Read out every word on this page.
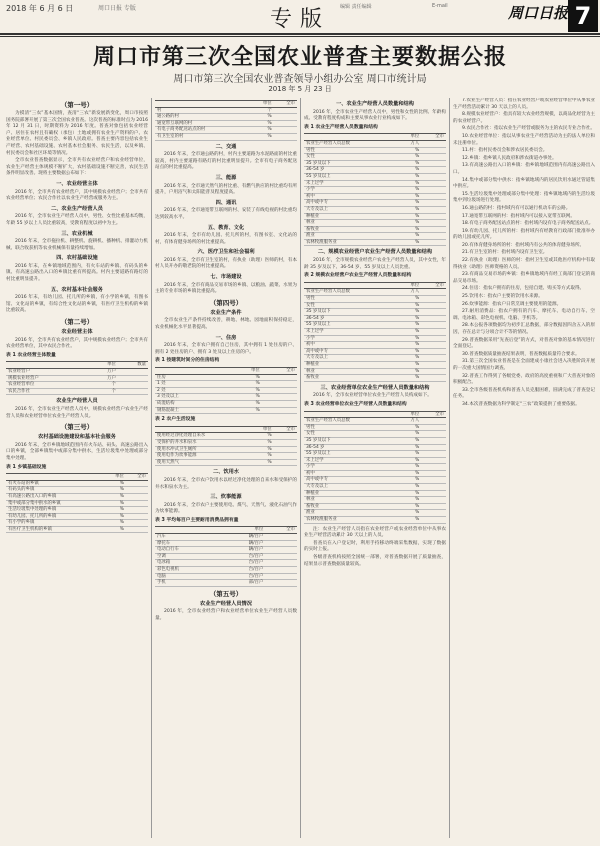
2018 年 6 月 6 日	周口日报 专版	专版 编辑 责任编辑	E-mail	周口日报 7
周口市第三次全国农业普查主要数据公报
周口市第三次全国农业普查领导小组办公室 周口市统计局
2018 年 5 月 23 日
（第一号）

为摸清“三农”基本国情，查清“三农”新发展新变化，周口市按照国务院部署开展了第三次全国农业普查。这次普查的标准时点为 2016 年 12 月 31 日，时期资料为 2016 年度。普查对象包括农业经营户、居住在农村且有确权（承包）土地或拥有农业生产资料的户、农业经营单位、村民委员会、乡镇人民政府。普查主要内容包括农业生产经营、农村基础设施、农村基本社会服务、农民生活，以及乡镇、村民委员会和社区环境等情况。

全市农业普查数据显示，全市共有农业经营户和农业经营单位，农业生产经营主体规模不断扩大，农村基础设施不断完善，农民生活条件明显改善。现将主要数据公布如下：

一、农业经营主体

2016 年，全市共有农业经营户，其中规模农业经营户；全市共有农业经营单位；农民合作社以农业生产经营或服务为主。

二、农业生产经营人员

2016 年，全市农业生产经营人员中，男性、女性比重基本均衡，年龄 55 岁以上人员比重较高，受教育程度以初中为主。

三、农业机械

2016 年末，全市拖拉机、耕整机、旋耕机、播种机、排灌动力机械、联合收获机等农业机械保有量持续增加。

四、农村基础设施

2016 年末，在乡镇地域范围内，有火车站的乡镇、有码头的乡镇、有高速公路出入口的乡镇比重有所提高。村内主要道路有路灯的村比重明显提升。

五、农村基本社会服务

2016 年末，有幼儿园、托儿所的乡镇，有小学的乡镇，有图书馆、文化站的乡镇，有综合性文化站的乡镇，有医疗卫生机构的乡镇比重较高。

（第二号）
农业经营主体

2016 年，全市共有农业经营户，其中规模农业经营户；全市共有农业经营单位，其中农民合作社。

表 1 农业经营主体数量
	单位	数量
农业经营户	万户	
规模农业经营户	万户	
农业经营单位	个	
农民合作社	个	
农业生产经营人员

2016 年，全市农业生产经营人员中，规模农业经营户农业生产经营人员和农业经营单位农业生产经营人员。

（第三号）
农村基础设施建设和基本社会服务

2016 年末，全市乡镇地域范围内有火车站、码头、高速公路出入口的乡镇，全部乡镇集中或部分集中供水，生活垃圾集中处理或部分集中处理。

表 1 乡镇基础设施
	单位	全市
有火车站的乡镇	%	
有码头的乡镇	%	
有高速公路出入口的乡镇	%	
集中或部分集中供水的乡镇	%	
生活垃圾集中处理的乡镇	%	
有幼儿园、托儿所的乡镇	%	
有小学的乡镇	%	
有医疗卫生机构的乡镇	%	
	单位	全市
村	个	
通公路的村	%	
通宽带互联网的村	%	
有电子商务配送站点的村	%	
有卫生室的村	%	
二、交通

2016 年末，全市通公路的村，村内主要道路为水泥路面的村比重较高，村内主要道路有路灯的村比重明显提升。全市有电子商务配送站点的村比重提高。

三、能源

2016 年末，全市通天然气的村比重、有燃气供应的村比重均有所提升，户用沼气和太阳能普及程度提高。

四、通讯

2016 年末，全市通宽带互联网的村、安装了有线电视的村比重均达到较高水平。

五、教育、文化

2016 年末，全市有幼儿园、托儿所的村，有图书室、文化站的村，有体育健身场所的村比重提高。

六、医疗卫生和社会福利

2016 年末，全市有卫生室的村，有执业（助理）医师的村，有本村人员开办的敬老院的村比重提高。

七、市场建设

2016 年末，全市有商品交易市场的乡镇、以粮油、蔬菜、水果为主的专业市场的乡镇比重提高。

（第四号）
农业生产条件

全市农业生产条件持续改善，耕地、林地、园地面积保持稳定，农业机械化水平显著提高。

一、住房

2016 年末，全市农户拥有自己住房，其中拥有 1 处住房的户、拥有 2 处住房的户、拥有 3 处及以上住房的户。

表 1 按建筑时间分的住房结构
	单位	全市
住房	%	
1 处	%	
2 处	%	
3 处及以上	%	
砖混结构	%	
钢筋混凝土	%	
表 2 农户生活设施
	单位	全市
使用经过净化处理自来水	%	
受保护的井水和泉水	%	
使用水冲式卫生厕所	%	
使用电作为炊事能源	%	
使用天然气	%	
二、饮用水

2016 年末，全市农户饮用水以经过净化处理的自来水和受保护的井水和泉水为主。

三、炊事能源

2016 年末，全市农户主要使用电、煤气、天然气、液化石油气作为炊事能源。

表 3 平均每百户主要耐用消费品拥有量
	单位	全市
汽车	辆/百户	
摩托车	辆/百户	
电动自行车	辆/百户	
空调	台/百户	
电冰箱	台/百户	
彩色电视机	台/百户	
电脑	台/百户	
手机	部/百户	
（第五号）
农业生产经营人员情况

2016 年，全市农业经营户和农业经营单位农业生产经营人员数量。

一、农业生产经营人员数量和结构

2016 年，全市农业生产经营人员中，男性和女性的比例、年龄构成、受教育程度构成和主要从事农业行业构成如下。

表 1 农业生产经营人员数量和结构
	单位	全市
农业生产经营人员总数	万人	
男性	%	
女性	%	
35 岁及以下	%	
36-54 岁	%	
55 岁及以上	%	
未上过学	%	
小学	%	
初中	%	
高中或中专	%	
大专及以上	%	
种植业	%	
林业	%	
畜牧业	%	
渔业	%	
农林牧渔服务业	%	
二、规模农业经营户农业生产经营人员数量和结构

2016 年，全市规模农业经营户农业生产经营人员，其中女性，年龄 35 岁及以下、36-54 岁、55 岁及以上人员比重。

表 2 规模农业经营户农业生产经营人员数量和结构
	单位	全市
农业生产经营人员总数	万人	
男性	%	
女性	%	
35 岁及以下	%	
36-54 岁	%	
55 岁及以上	%	
未上过学	%	
小学	%	
初中	%	
高中或中专	%	
大专及以上	%	
种植业	%	
林业	%	
畜牧业	%	
三、农业经营单位农业生产经营人员数量和结构

2016 年，全市农业经营单位农业生产经营人员构成如下。

表 3 农业经营单位农业生产经营人员数量和结构
	单位	全市
农业生产经营人员总数	万人	
男性	%	
女性	%	
35 岁及以下	%	
36-54 岁	%	
55 岁及以上	%	
未上过学	%	
小学	%	
初中	%	
高中或中专	%	
大专及以上	%	
种植业	%	
林业	%	
畜牧业	%	
渔业	%	
农林牧渔服务业	%	

注：农业生产经营人员指在农业经营户或农业经营单位中从事农业生产经营活动累计 30 天以上的人员。

普查员在入户登记时，利用手持移动终端采集数据，实现了数据的实时上报。

各级普查机构按照全国统一部署，对普查数据开展了质量抽查，结果显示普查数据质量较高。

7.农业生产经营人员：指在农业经营户或农业经营单位中从事农业生产经营活动累计 30 天以上的人员。

8.规模农业经营户：指具有较大农业经营规模，以商品化经营为主的农业经营户。

9.农民合作社：指以农业生产经营或服务为主的农民专业合作社。

10.农业经营单位：指以从事农业生产经营活动为主的法人单位和未注册单位。

11.村：指村民委员会和涉农居民委员会。

12.乡镇：指乡镇人民政府和涉农街道办事处。

13.有高速公路出入口的乡镇：指乡镇地域范围内有高速公路出入口。

14.集中或部分集中供水：指乡镇地域内的居民饮用水通过管道集中供应。

15.生活垃圾集中处理或部分集中处理：指乡镇地域内的生活垃圾集中到垃圾场进行处理。

16.通公路的村：指村域内有可以通行机动车的公路。

17.通宽带互联网的村：指村域内可以接入宽带互联网。

18.有电子商务配送站点的村：指村域内设有电子商务配送站点。

19.有幼儿园、托儿所的村：指村域内有经教育行政部门批准举办的幼儿园或托儿所。

20.有体育健身场所的村：指村域内有公共的体育健身场所。

21.有卫生室的村：指村域内设有卫生室。

22.有执业（助理）医师的村：指村卫生室或其他医疗机构中有取得执业（助理）医师资格的人员。

23.有商品交易市场的乡镇：指乡镇地域内有经工商部门登记的商品交易市场。

24.住房：指农户拥有的住房，包括自建、购买等方式取得。

25.饮用水：指农户主要的饮用水来源。

26.炊事能源：指农户日常烹调主要使用的能源。

27.耐用消费品：指农户拥有的汽车、摩托车、电动自行车、空调、电冰箱、彩色电视机、电脑、手机等。

28.本公报各项数据均为初步汇总数据，部分数据因四舍五入的原因，存在总计与分项合计不等的情况。

29.普查数据采用“先查后登”的方式，对普查对象的基本情况进行全面登记。

30.普查数据质量抽查结果表明，普查数据质量符合要求。

31.第三次全国农业普查是在全面建成小康社会进入决胜阶段开展的一次重大国情国力调查。

32.普查工作得到了各级党委、政府的高度重视和广大普查对象的积极配合。

33.全市各级普查机构和普查人员克服困难，圆满完成了普查登记任务。

34.本次普查数据为科学制定“三农”政策提供了重要依据。
